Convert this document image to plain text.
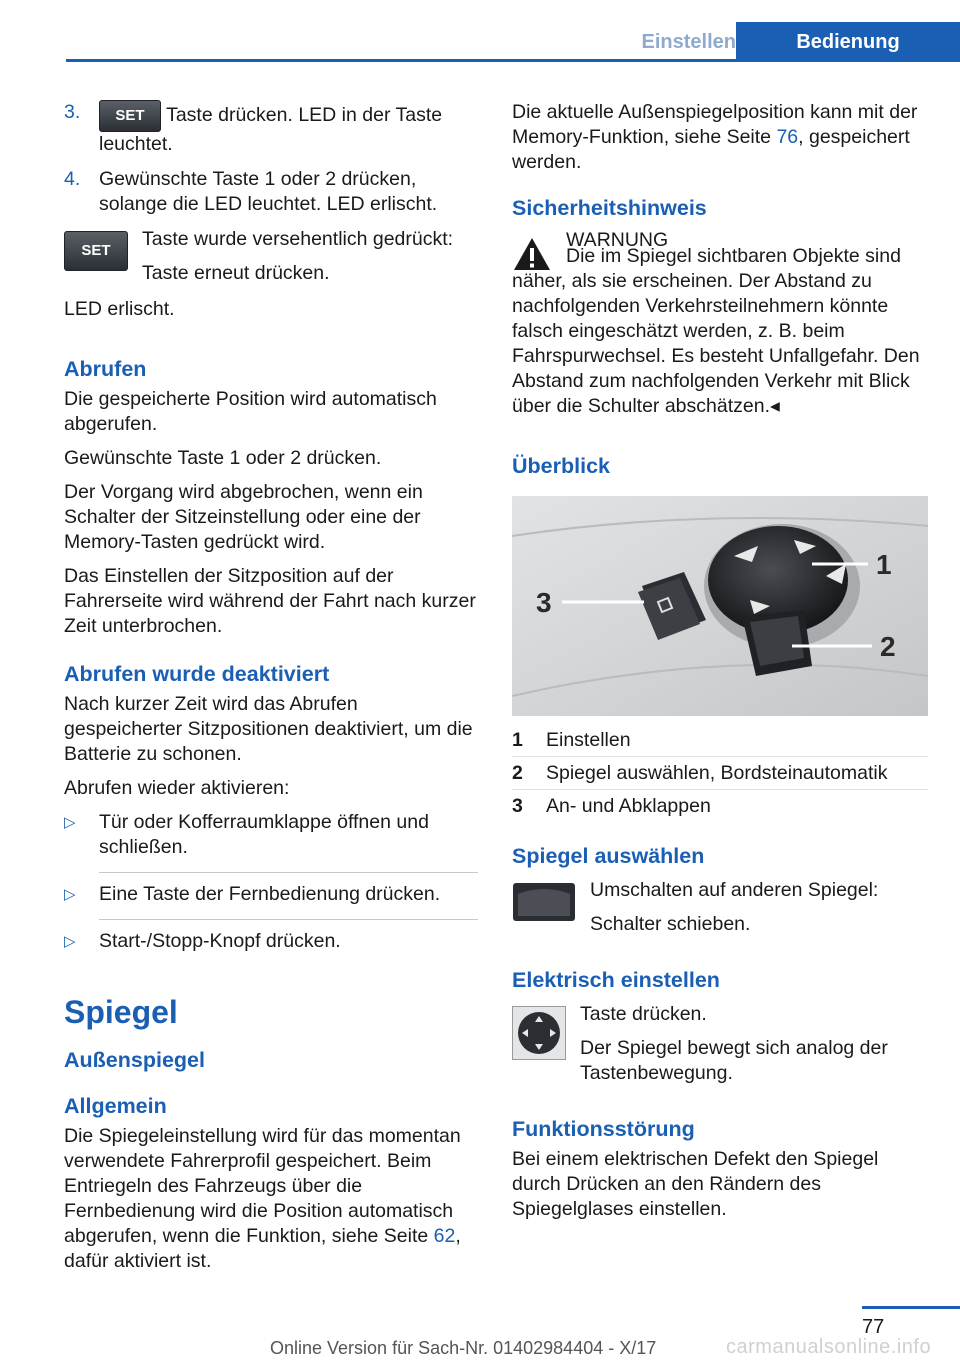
Einstellen	Bedienung
3. SET Taste drücken. LED in der Taste leuchtet.
4. Gewünschte Taste 1 oder 2 drücken, solange die LED leuchtet. LED erlischt.
SET

Taste wurde versehentlich gedrückt:

Taste erneut drücken.

LED erlischt.

Abrufen

Die gespeicherte Position wird automatisch abgerufen.

Gewünschte Taste 1 oder 2 drücken.

Der Vorgang wird abgebrochen, wenn ein Schalter der Sitzeinstellung oder eine der Memory-Tasten gedrückt wird.

Das Einstellen der Sitzposition auf der Fahrerseite wird während der Fahrt nach kurzer Zeit unterbrochen.

Abrufen wurde deaktiviert

Nach kurzer Zeit wird das Abrufen gespeicherter Sitzpositionen deaktiviert, um die Batterie zu schonen.

Abrufen wieder aktivieren:

▷ Tür oder Kofferraumklappe öffnen und schließen.
▷ Eine Taste der Fernbedienung drücken.
▷ Start-/Stopp-Knopf drücken.
Spiegel
Außenspiegel
Allgemein

Die Spiegeleinstellung wird für das momentan verwendete Fahrerprofil gespeichert. Beim Entriegeln des Fahrzeugs über die Fernbedienung wird die Position automatisch abgerufen, wenn die Funktion, siehe Seite 62, dafür aktiviert ist.

Die aktuelle Außenspiegelposition kann mit der Memory-Funktion, siehe Seite 76, gespeichert werden.

Sicherheitshinweis
WARNUNG

Die im Spiegel sichtbaren Objekte sind näher, als sie erscheinen. Der Abstand zu nachfolgenden Verkehrsteilnehmern könnte falsch eingeschätzt werden, z. B. beim Fahrspurwechsel. Es besteht Unfallgefahr. Den Abstand zum nachfolgenden Verkehr mit Blick über die Schulter abschätzen.◂

Überblick
1
2
3
1	Einstellen
2	Spiegel auswählen, Bordsteinautomatik
3	An- und Abklappen
Spiegel auswählen

Umschalten auf anderen Spiegel:

Schalter schieben.

Elektrisch einstellen

Taste drücken.

Der Spiegel bewegt sich analog der Tastenbewegung.

Funktionsstörung

Bei einem elektrischen Defekt den Spiegel durch Drücken an den Rändern des Spiegelglases einstellen.

77
carmanualsonline.info
Online Version für Sach-Nr. 01402984404 - X/17
